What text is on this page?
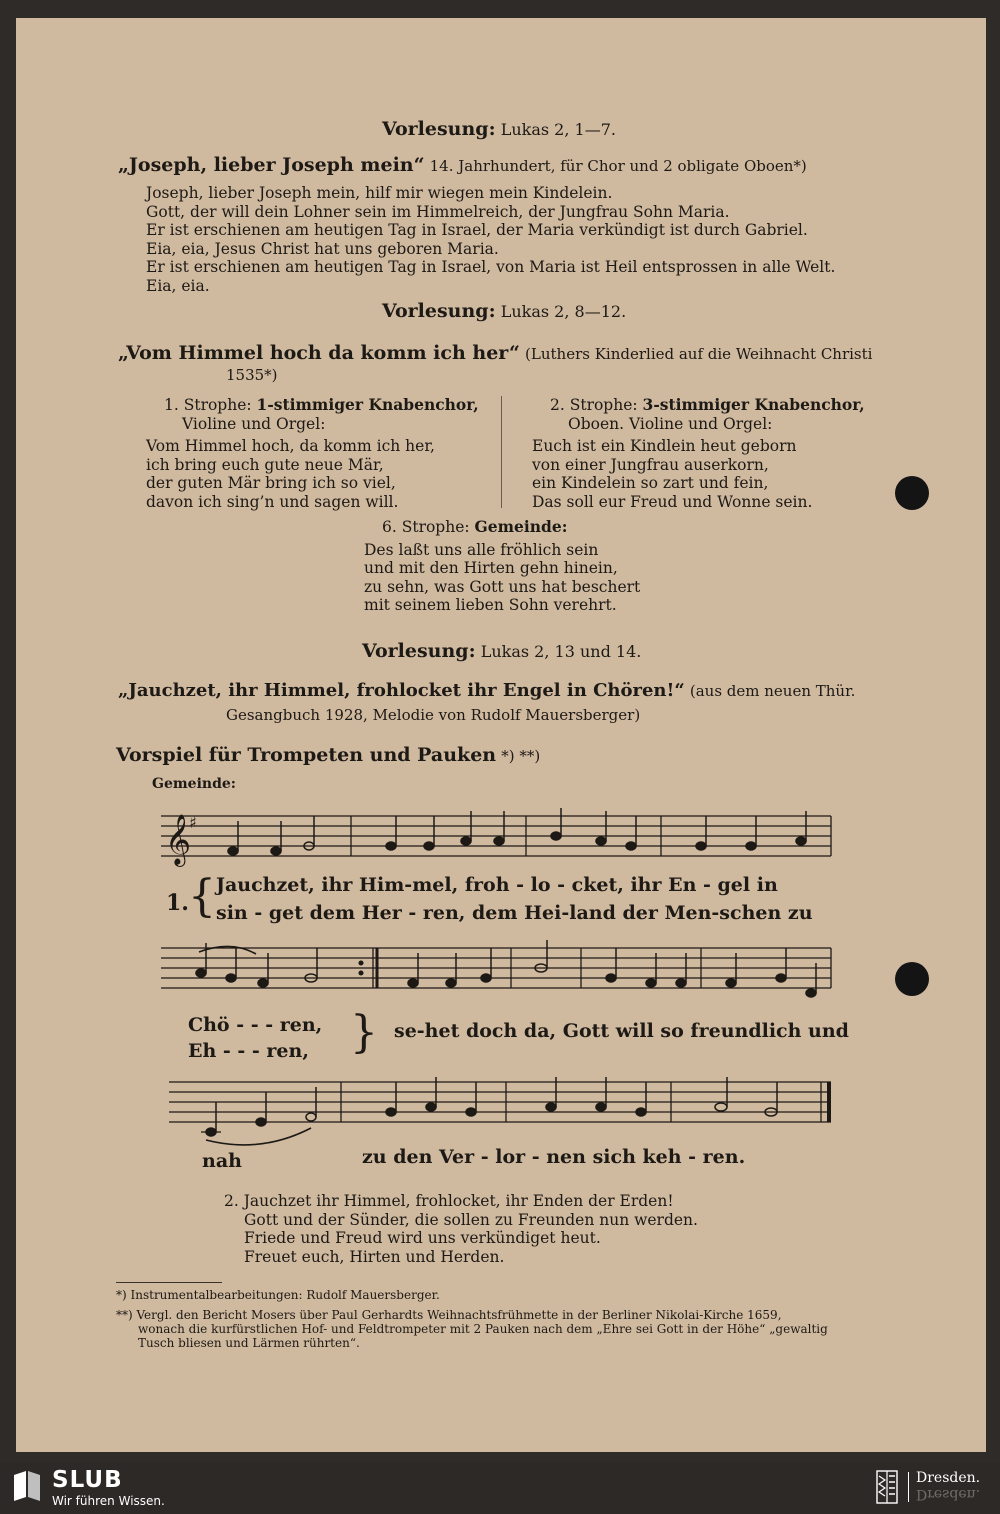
Vorlesung: Lukas 2, 1—7.
„Joseph, lieber Joseph mein“ 14. Jahrhundert, für Chor und 2 obligate Oboen*)
Joseph, lieber Joseph mein, hilf mir wiegen mein Kindelein.
Gott, der will dein Lohner sein im Himmelreich, der Jungfrau Sohn Maria.
Er ist erschienen am heutigen Tag in Israel, der Maria verkündigt ist durch Gabriel.
Eia, eia, Jesus Christ hat uns geboren Maria.
Er ist erschienen am heutigen Tag in Israel, von Maria ist Heil entsprossen in alle Welt.
Eia, eia.
Vorlesung: Lukas 2, 8—12.
„Vom Himmel hoch da komm ich her“ (Luthers Kinderlied auf die Weihnacht Christi
1535*)
1. Strophe: 1-stimmiger Knabenchor,
Violine und Orgel:
Vom Himmel hoch, da komm ich her,
ich bring euch gute neue Mär,
der guten Mär bring ich so viel,
davon ich sing’n und sagen will.
2. Strophe: 3-stimmiger Knabenchor,
Oboen. Violine und Orgel:
Euch ist ein Kindlein heut geborn
von einer Jungfrau auserkorn,
ein Kindelein so zart und fein,
Das soll eur Freud und Wonne sein.
6. Strophe: Gemeinde:
Des laßt uns alle fröhlich sein
und mit den Hirten gehn hinein,
zu sehn, was Gott uns hat beschert
mit seinem lieben Sohn verehrt.
Vorlesung: Lukas 2, 13 und 14.
„Jauchzet, ihr Himmel, frohlocket ihr Engel in Chören!“ (aus dem neuen Thür.
Gesangbuch 1928, Melodie von Rudolf Mauersberger)
Vorspiel für Trompeten und Pauken *) **)
Gemeinde:
𝄞
♯
1. { Jauchzet, ihr Him-mel, froh - lo - cket, ihr En - gel in
sin - get dem Her - ren, dem Hei-land der Men-schen zu
Chö - - - ren,
Eh - - - ren, } se-het doch da, Gott will so freundlich und
nah	zu den Ver - lor - nen sich keh - ren.
2. Jauchzet ihr Himmel, frohlocket, ihr Enden der Erden!
Gott und der Sünder, die sollen zu Freunden nun werden.
Friede und Freud wird uns verkündiget heut.
Freuet euch, Hirten und Herden.
*) Instrumentalbearbeitungen: Rudolf Mauersberger.
**) Vergl. den Bericht Mosers über Paul Gerhardts Weihnachtsfrühmette in der Berliner Nikolai-Kirche 1659,
wonach die kurfürstlichen Hof- und Feldtrompeter mit 2 Pauken nach dem „Ehre sei Gott in der Höhe“ „gewaltig
Tusch bliesen und Lärmen rührten“.
SLUB
Wir führen Wissen.
Dresden.
Dresden.
